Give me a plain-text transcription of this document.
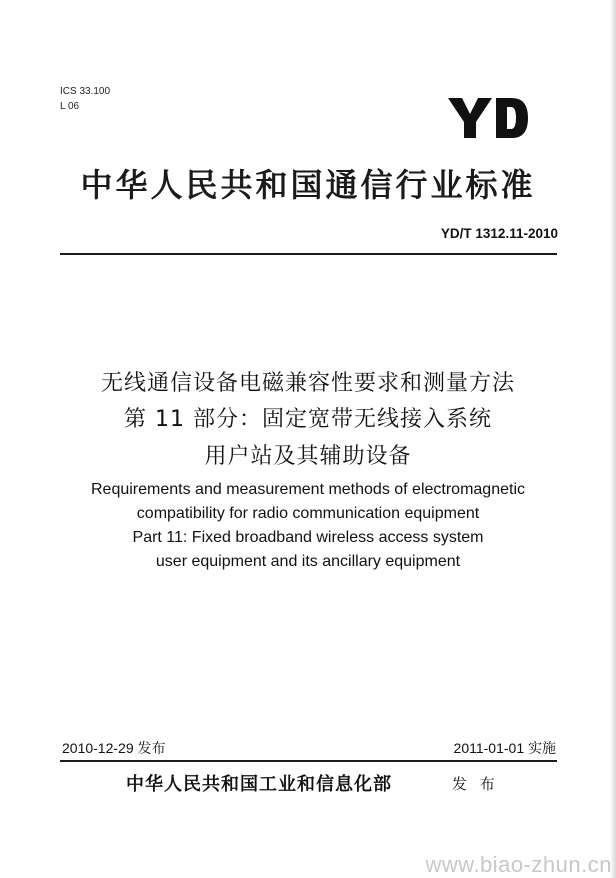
ICS 33.100
L 06
中华人民共和国通信行业标准
YD/T 1312.11-2010
无线通信设备电磁兼容性要求和测量方法
第 11 部分：固定宽带无线接入系统
用户站及其辅助设备
Requirements and measurement methods of electromagnetic
compatibility for radio communication equipment
Part 11: Fixed broadband wireless access system
user equipment and its ancillary equipment
2010-12-29 发布	2011-01-01 实施
中华人民共和国工业和信息化部	发 布
www.biao-zhun.cn
